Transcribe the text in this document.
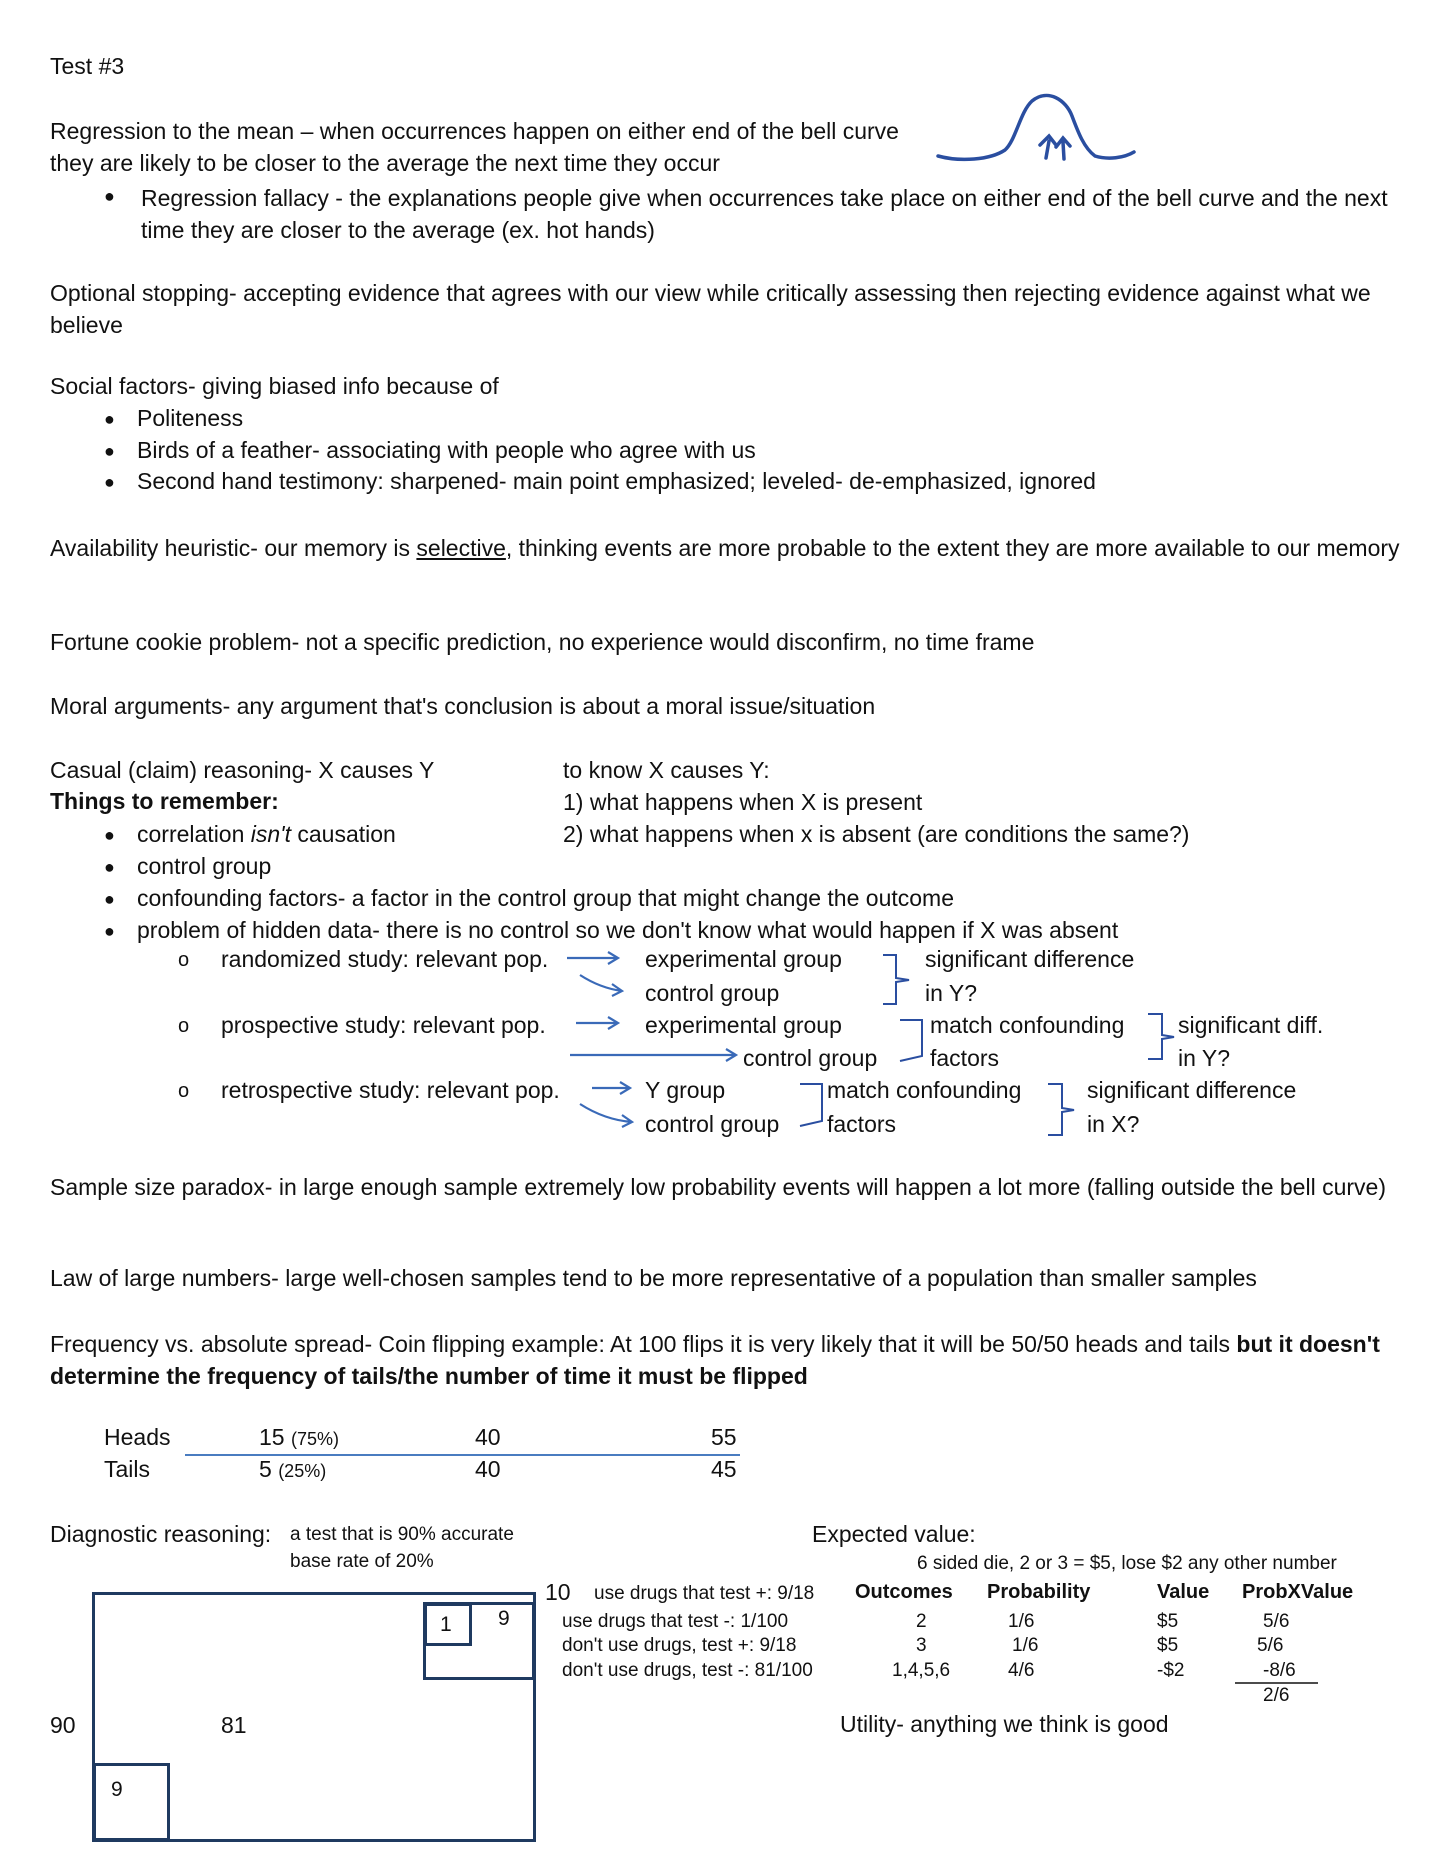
Test #3
Regression to the mean – when occurrences happen on either end of the bell curve
they are likely to be closer to the average the next time they occur
● Regression fallacy - the explanations people give when occurrences take place on either end of the bell curve and the next time they are closer to the average (ex. hot hands)
Optional stopping- accepting evidence that agrees with our view while critically assessing then rejecting evidence against what we believe
Social factors- giving biased info because of
● Politeness
● Birds of a feather- associating with people who agree with us
● Second hand testimony: sharpened- main point emphasized; leveled- de-emphasized, ignored
Availability heuristic- our memory is selective, thinking events are more probable to the extent they are more available to our memory
Fortune cookie problem- not a specific prediction, no experience would disconfirm, no time frame
Moral arguments- any argument that's conclusion is about a moral issue/situation
Casual (claim) reasoning- X causes Y
Things to remember:
to know X causes Y:
1) what happens when X is present
2) what happens when x is absent (are conditions the same?)
● correlation isn't causation
● control group
● confounding factors- a factor in the control group that might change the outcome
● problem of hidden data- there is no control so we don't know what would happen if X was absent
o randomized study: relevant pop.	experimental group
control group
significant difference
in Y?
o prospective study: relevant pop.	experimental group
control group
match confounding
factors
significant diff.
in Y?
o retrospective study: relevant pop.	Y group
control group
match confounding
factors
significant difference
in X?
Sample size paradox- in large enough sample extremely low probability events will happen a lot more (falling outside the bell curve)
Law of large numbers- large well-chosen samples tend to be more representative of a population than smaller samples
Frequency vs. absolute spread- Coin flipping example: At 100 flips it is very likely that it will be 50/50 heads and tails but it doesn't determine the frequency of tails/the number of time it must be flipped
Heads	15 (75%)	40	55
Tails	5 (25%)	40	45
Diagnostic reasoning: a test that is 90% accurate
base rate of 20%
1 9
90	81
9
10 use drugs that test +: 9/18
use drugs that test -: 1/100
don't use drugs, test +: 9/18
don't use drugs, test -: 81/100
Expected value:
6 sided die, 2 or 3 = $5, lose $2 any other number
Outcomes Probability	Value ProbXValue
2	1/6	$5	5/6
3	1/6	$5	5/6
1,4,5,6	4/6	-$2	-8/6
2/6
Utility- anything we think is good
